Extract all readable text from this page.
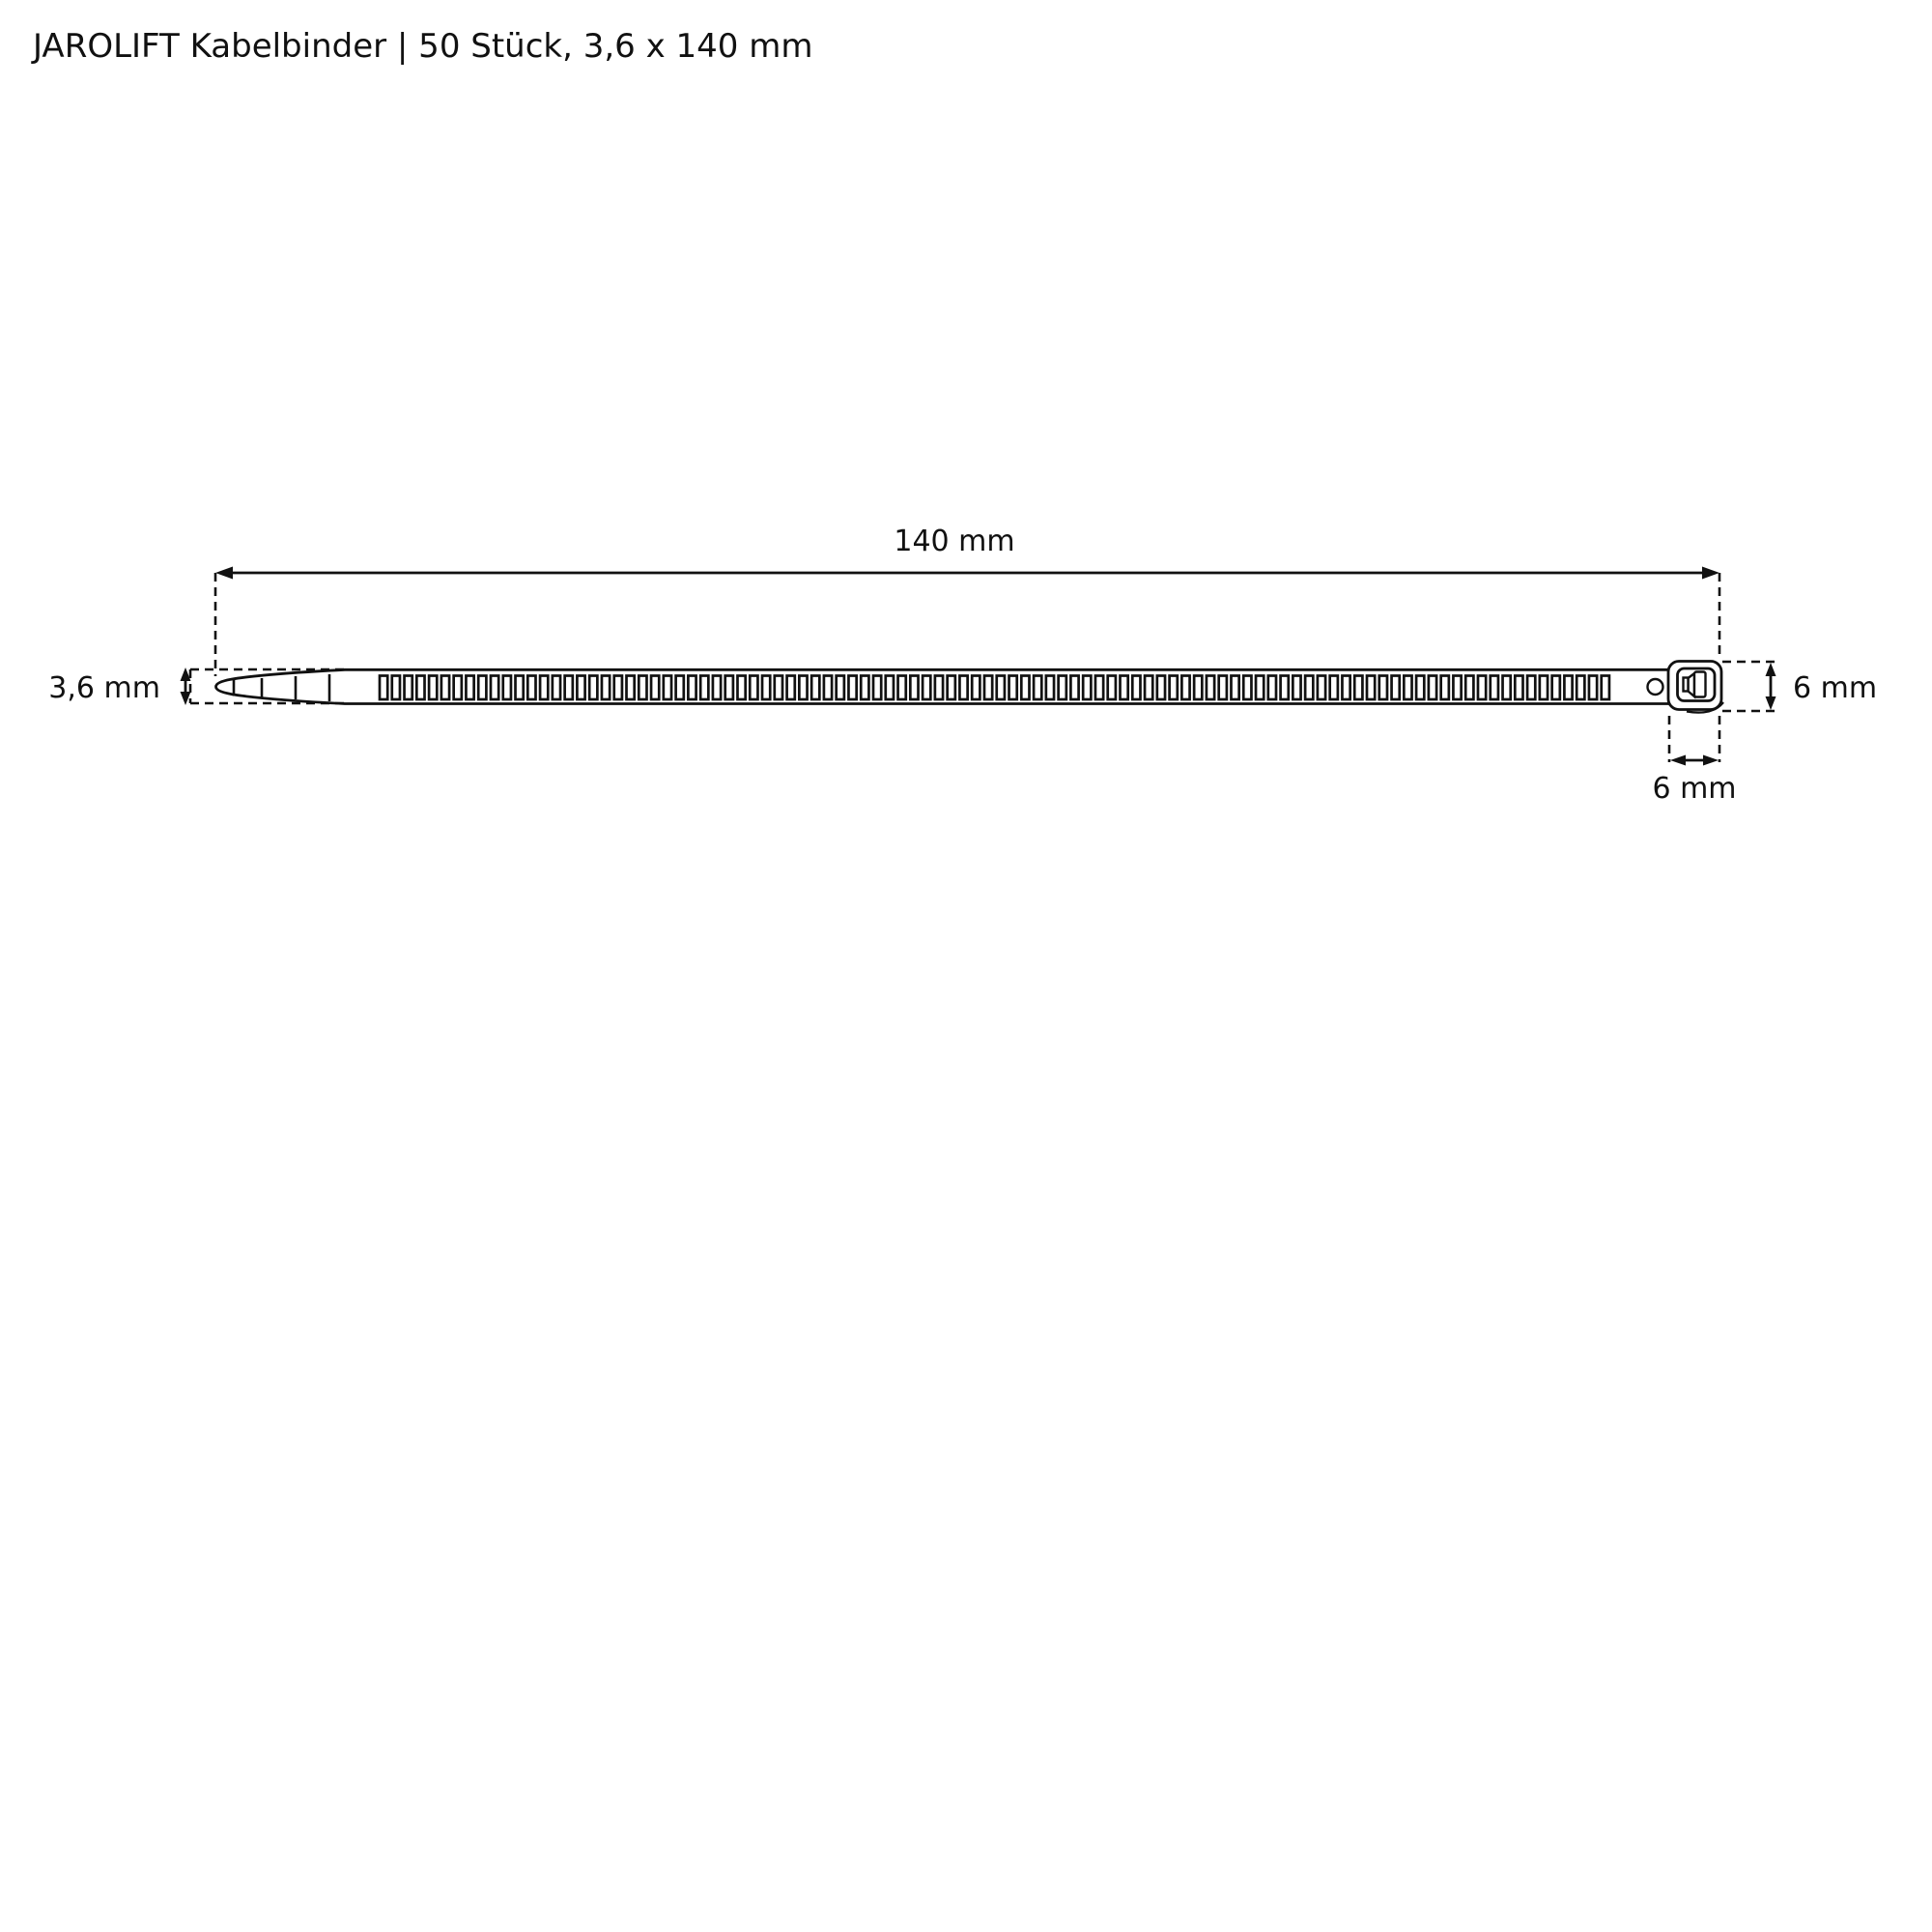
JAROLIFT Kabelbinder | 50 Stück, 3,6 x 140 mm
140 mm
3,6 mm	6 mm
6 mm
